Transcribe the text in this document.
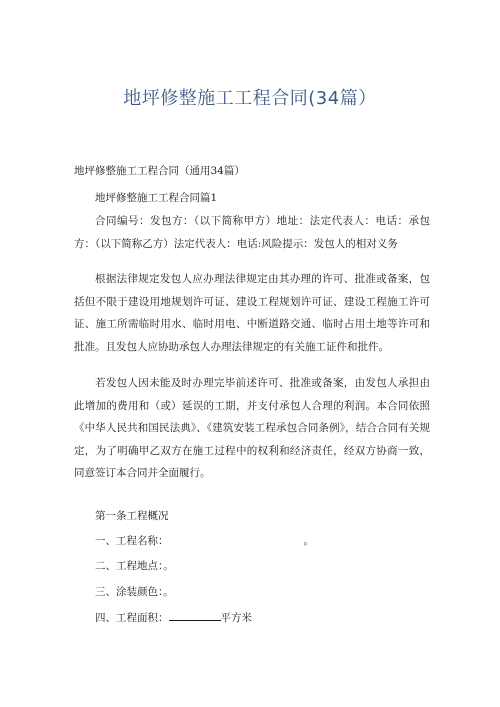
地坪修整施工工程合同(34篇）

地坪修整施工工程合同（通用34篇）

地坪修整施工工程合同篇1

合同编号：发包方：（以下简称甲方）地址：法定代表人：电话：承包方：（以下简称乙方）法定代表人：电话:风险提示：发包人的相对义务

根据法律规定发包人应办理法律规定由其办理的许可、批准或备案，包括但不限于建设用地规划许可证、建设工程规划许可证、建设工程施工许可证、施工所需临时用水、临时用电、中断道路交通、临时占用土地等许可和批准。且发包人应协助承包人办理法律规定的有关施工证件和批件。

若发包人因未能及时办理完毕前述许可、批准或备案，由发包人承担由此增加的费用和（或）延误的工期，并支付承包人合理的利润。本合同依照《中华人民共和国民法典》、《建筑安装工程承包合同条例》，结合合同有关规定，为了明确甲乙双方在施工过程中的权利和经济责任，经双方协商一致，同意签订本合同并全面履行。

第一条工程概况

一、工程名称：	。

二、工程地点：。

三、涂装颜色：。

四、工程面积：	平方米
